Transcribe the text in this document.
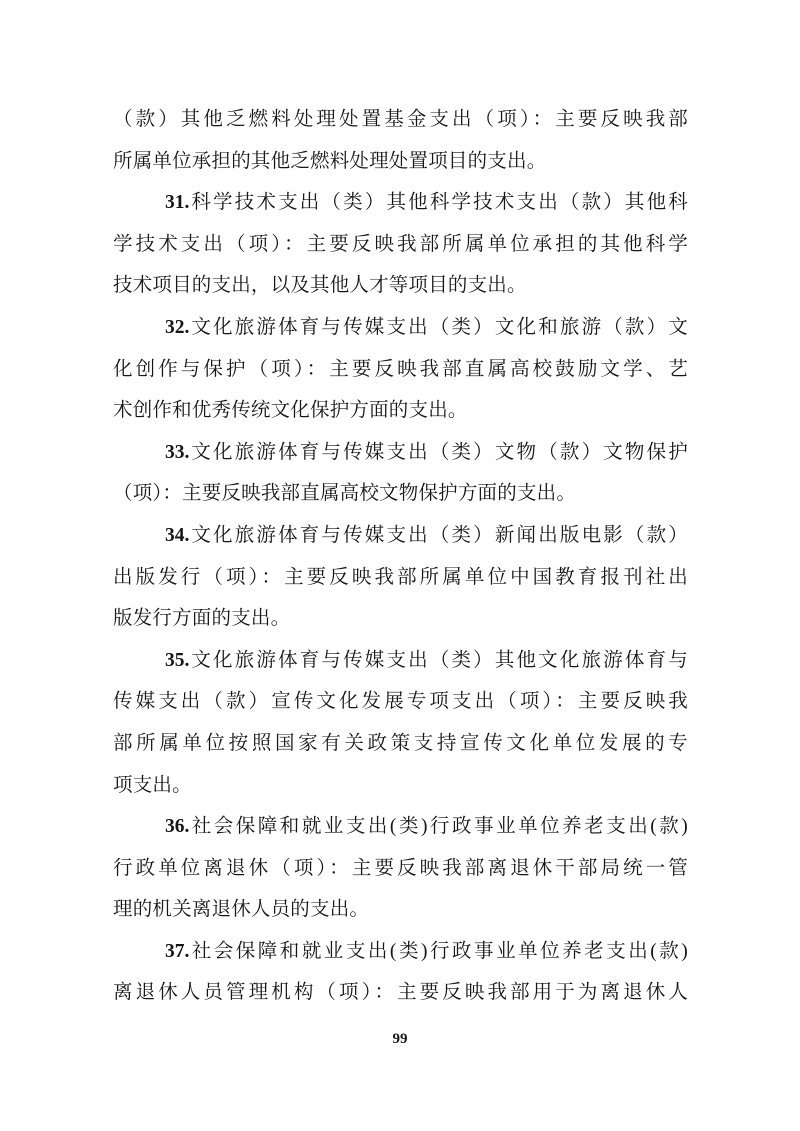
（款）其他乏燃料处理处置基金支出（项）：主要反映我部
所属单位承担的其他乏燃料处理处置项目的支出。
31.科学技术支出（类）其他科学技术支出（款）其他科
学技术支出（项）：主要反映我部所属单位承担的其他科学
技术项目的支出，以及其他人才等项目的支出。
32.文化旅游体育与传媒支出（类）文化和旅游（款）文
化创作与保护（项）：主要反映我部直属高校鼓励文学、艺
术创作和优秀传统文化保护方面的支出。
33.文化旅游体育与传媒支出（类）文物（款）文物保护
（项）：主要反映我部直属高校文物保护方面的支出。
34.文化旅游体育与传媒支出（类）新闻出版电影（款）
出版发行（项）：主要反映我部所属单位中国教育报刊社出
版发行方面的支出。
35.文化旅游体育与传媒支出（类）其他文化旅游体育与
传媒支出（款）宣传文化发展专项支出（项）：主要反映我
部所属单位按照国家有关政策支持宣传文化单位发展的专
项支出。
36.社会保障和就业支出(类)行政事业单位养老支出(款)
行政单位离退休（项）：主要反映我部离退休干部局统一管
理的机关离退休人员的支出。
37.社会保障和就业支出(类)行政事业单位养老支出(款)
离退休人员管理机构（项）：主要反映我部用于为离退休人
99
